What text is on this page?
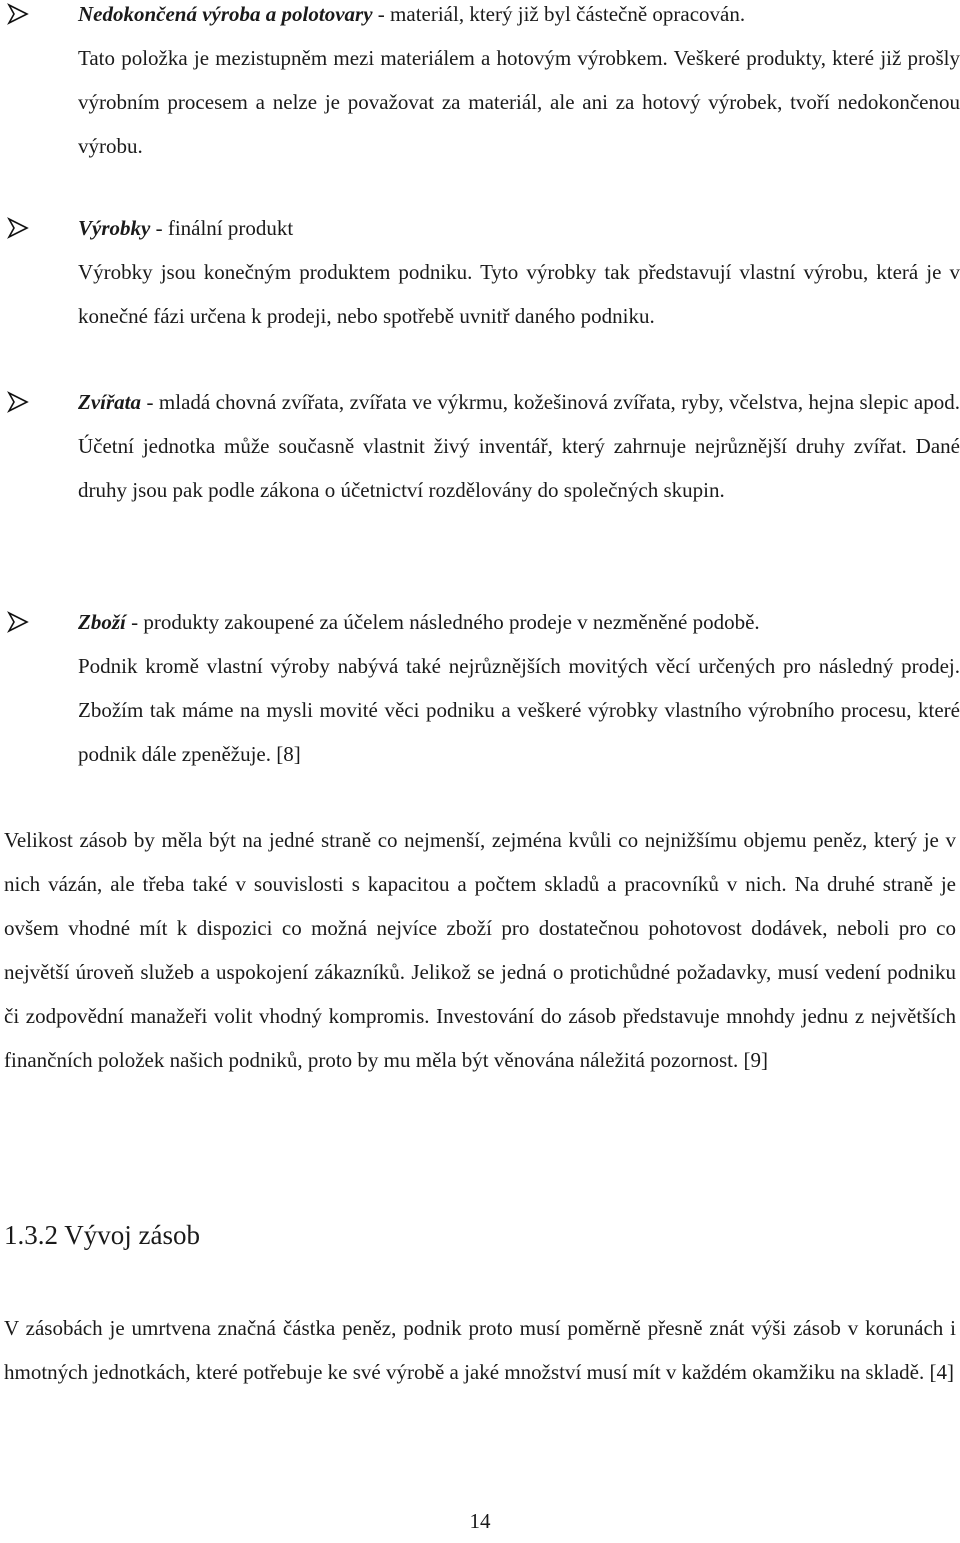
Nedokončená výroba a polotovary - materiál, který již byl částečně opracován.

Tato položka je mezistupněm mezi materiálem a hotovým výrobkem. Veškeré produkty, které již prošly výrobním procesem a nelze je považovat za materiál, ale ani za hotový výrobek, tvoří nedokončenou výrobu.

Výrobky - finální produkt

Výrobky jsou konečným produktem podniku. Tyto výrobky tak představují vlastní výrobu, která je v konečné fázi určena k prodeji, nebo spotřebě uvnitř daného podniku.

Zvířata - mladá chovná zvířata, zvířata ve výkrmu, kožešinová zvířata, ryby, včelstva, hejna slepic apod. Účetní jednotka může současně vlastnit živý inventář, který zahrnuje nejrůznější druhy zvířat. Dané druhy jsou pak podle zákona o účetnictví rozdělovány do společných skupin.

Zboží - produkty zakoupené za účelem následného prodeje v nezměněné podobě.

Podnik kromě vlastní výroby nabývá také nejrůznějších movitých věcí určených pro následný prodej. Zbožím tak máme na mysli movité věci podniku a veškeré výrobky vlastního výrobního procesu, které podnik dále zpeněžuje. [8]

Velikost zásob by měla být na jedné straně co nejmenší, zejména kvůli co nejnižšímu objemu peněz, který je v nich vázán, ale třeba také v souvislosti s kapacitou a počtem skladů a pracovníků v nich. Na druhé straně je ovšem vhodné mít k dispozici co možná nejvíce zboží pro dostatečnou pohotovost dodávek, neboli pro co největší úroveň služeb a uspokojení zákazníků. Jelikož se jedná o protichůdné požadavky, musí vedení podniku či zodpovědní manažeři volit vhodný kompromis. Investování do zásob představuje mnohdy jednu z největších finančních položek našich podniků, proto by mu měla být věnována náležitá pozornost. [9]

1.3.2 Vývoj zásob

V zásobách je umrtvena značná částka peněz, podnik proto musí poměrně přesně znát výši zásob v korunách i hmotných jednotkách, které potřebuje ke své výrobě a jaké množství musí mít v každém okamžiku na skladě. [4]

14
